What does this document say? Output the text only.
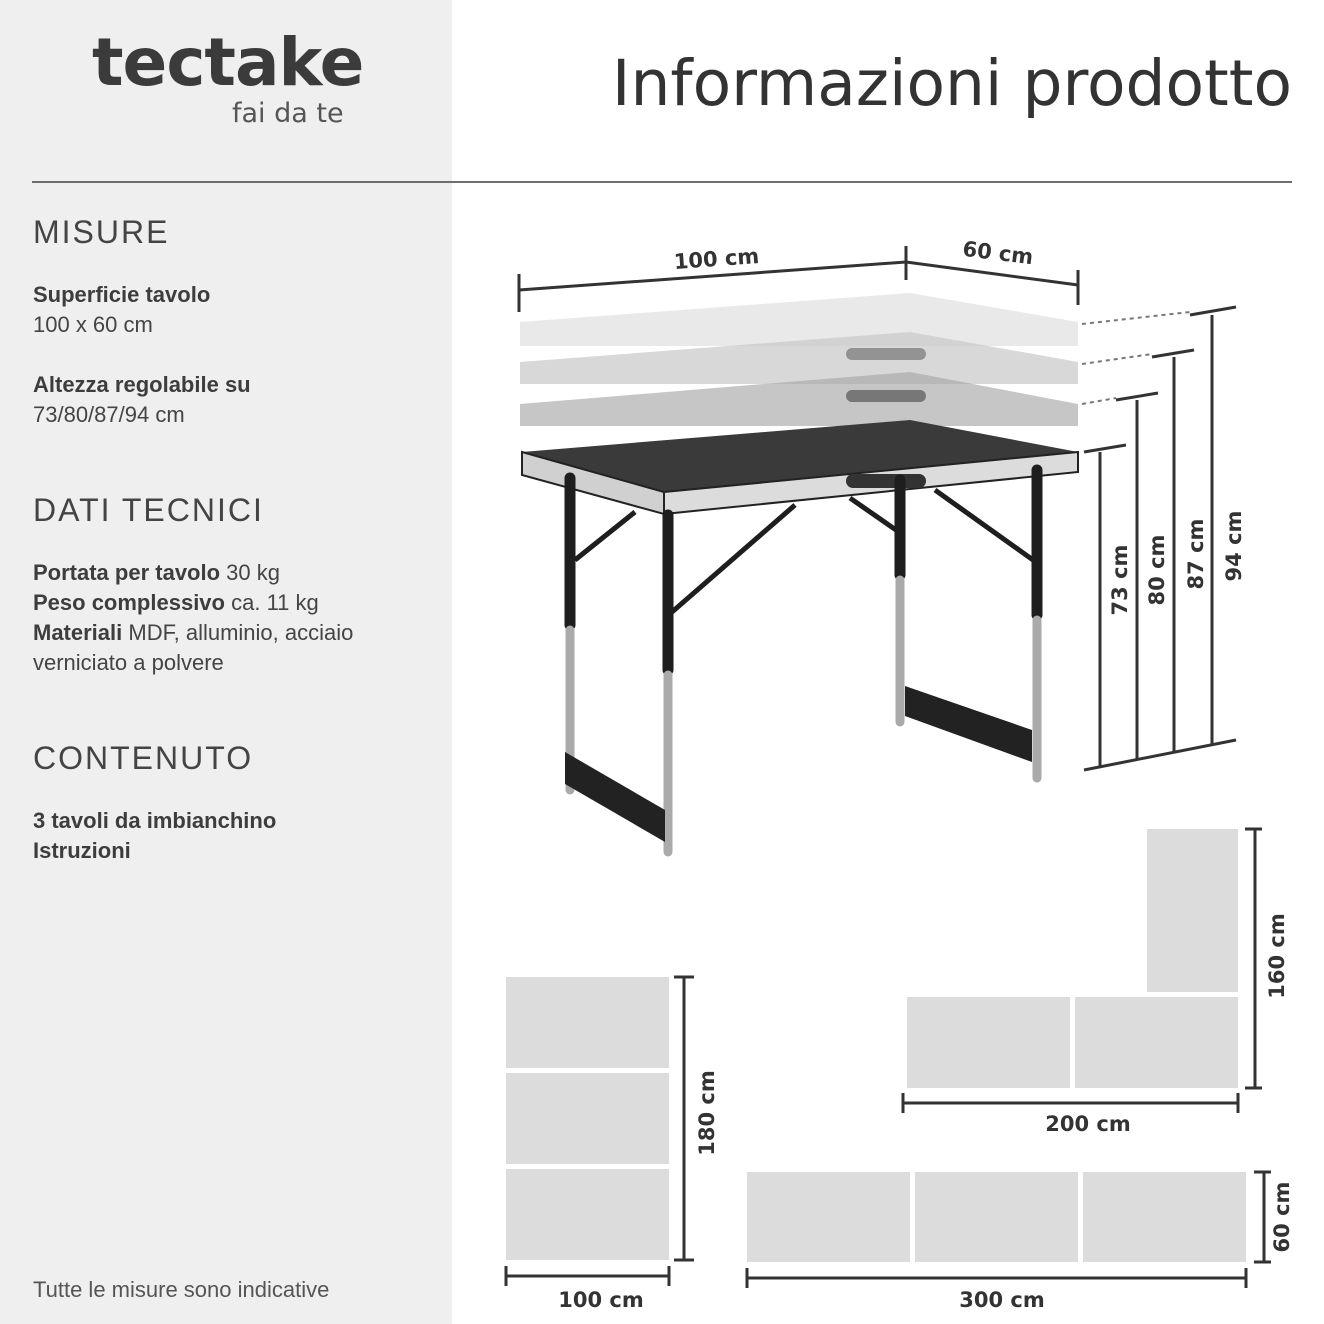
tectake
fai da te	Informazioni prodotto
MISURE
Superficie tavolo
100 x 60 cm
Altezza regolabile su
73/80/87/94 cm
DATI TECNICI
Portata per tavolo 30 kg
Peso complessivo ca. 11 kg
Materiali MDF, alluminio, acciaio verniciato a polvere
CONTENUTO
3 tavoli da imbianchino
Istruzioni
Tutte le misure sono indicative
100 cm	60 cm
73 cm 80 cm 87 cm 94 cm
180 cm
100 cm
160 cm
200 cm
60 cm
300 cm
